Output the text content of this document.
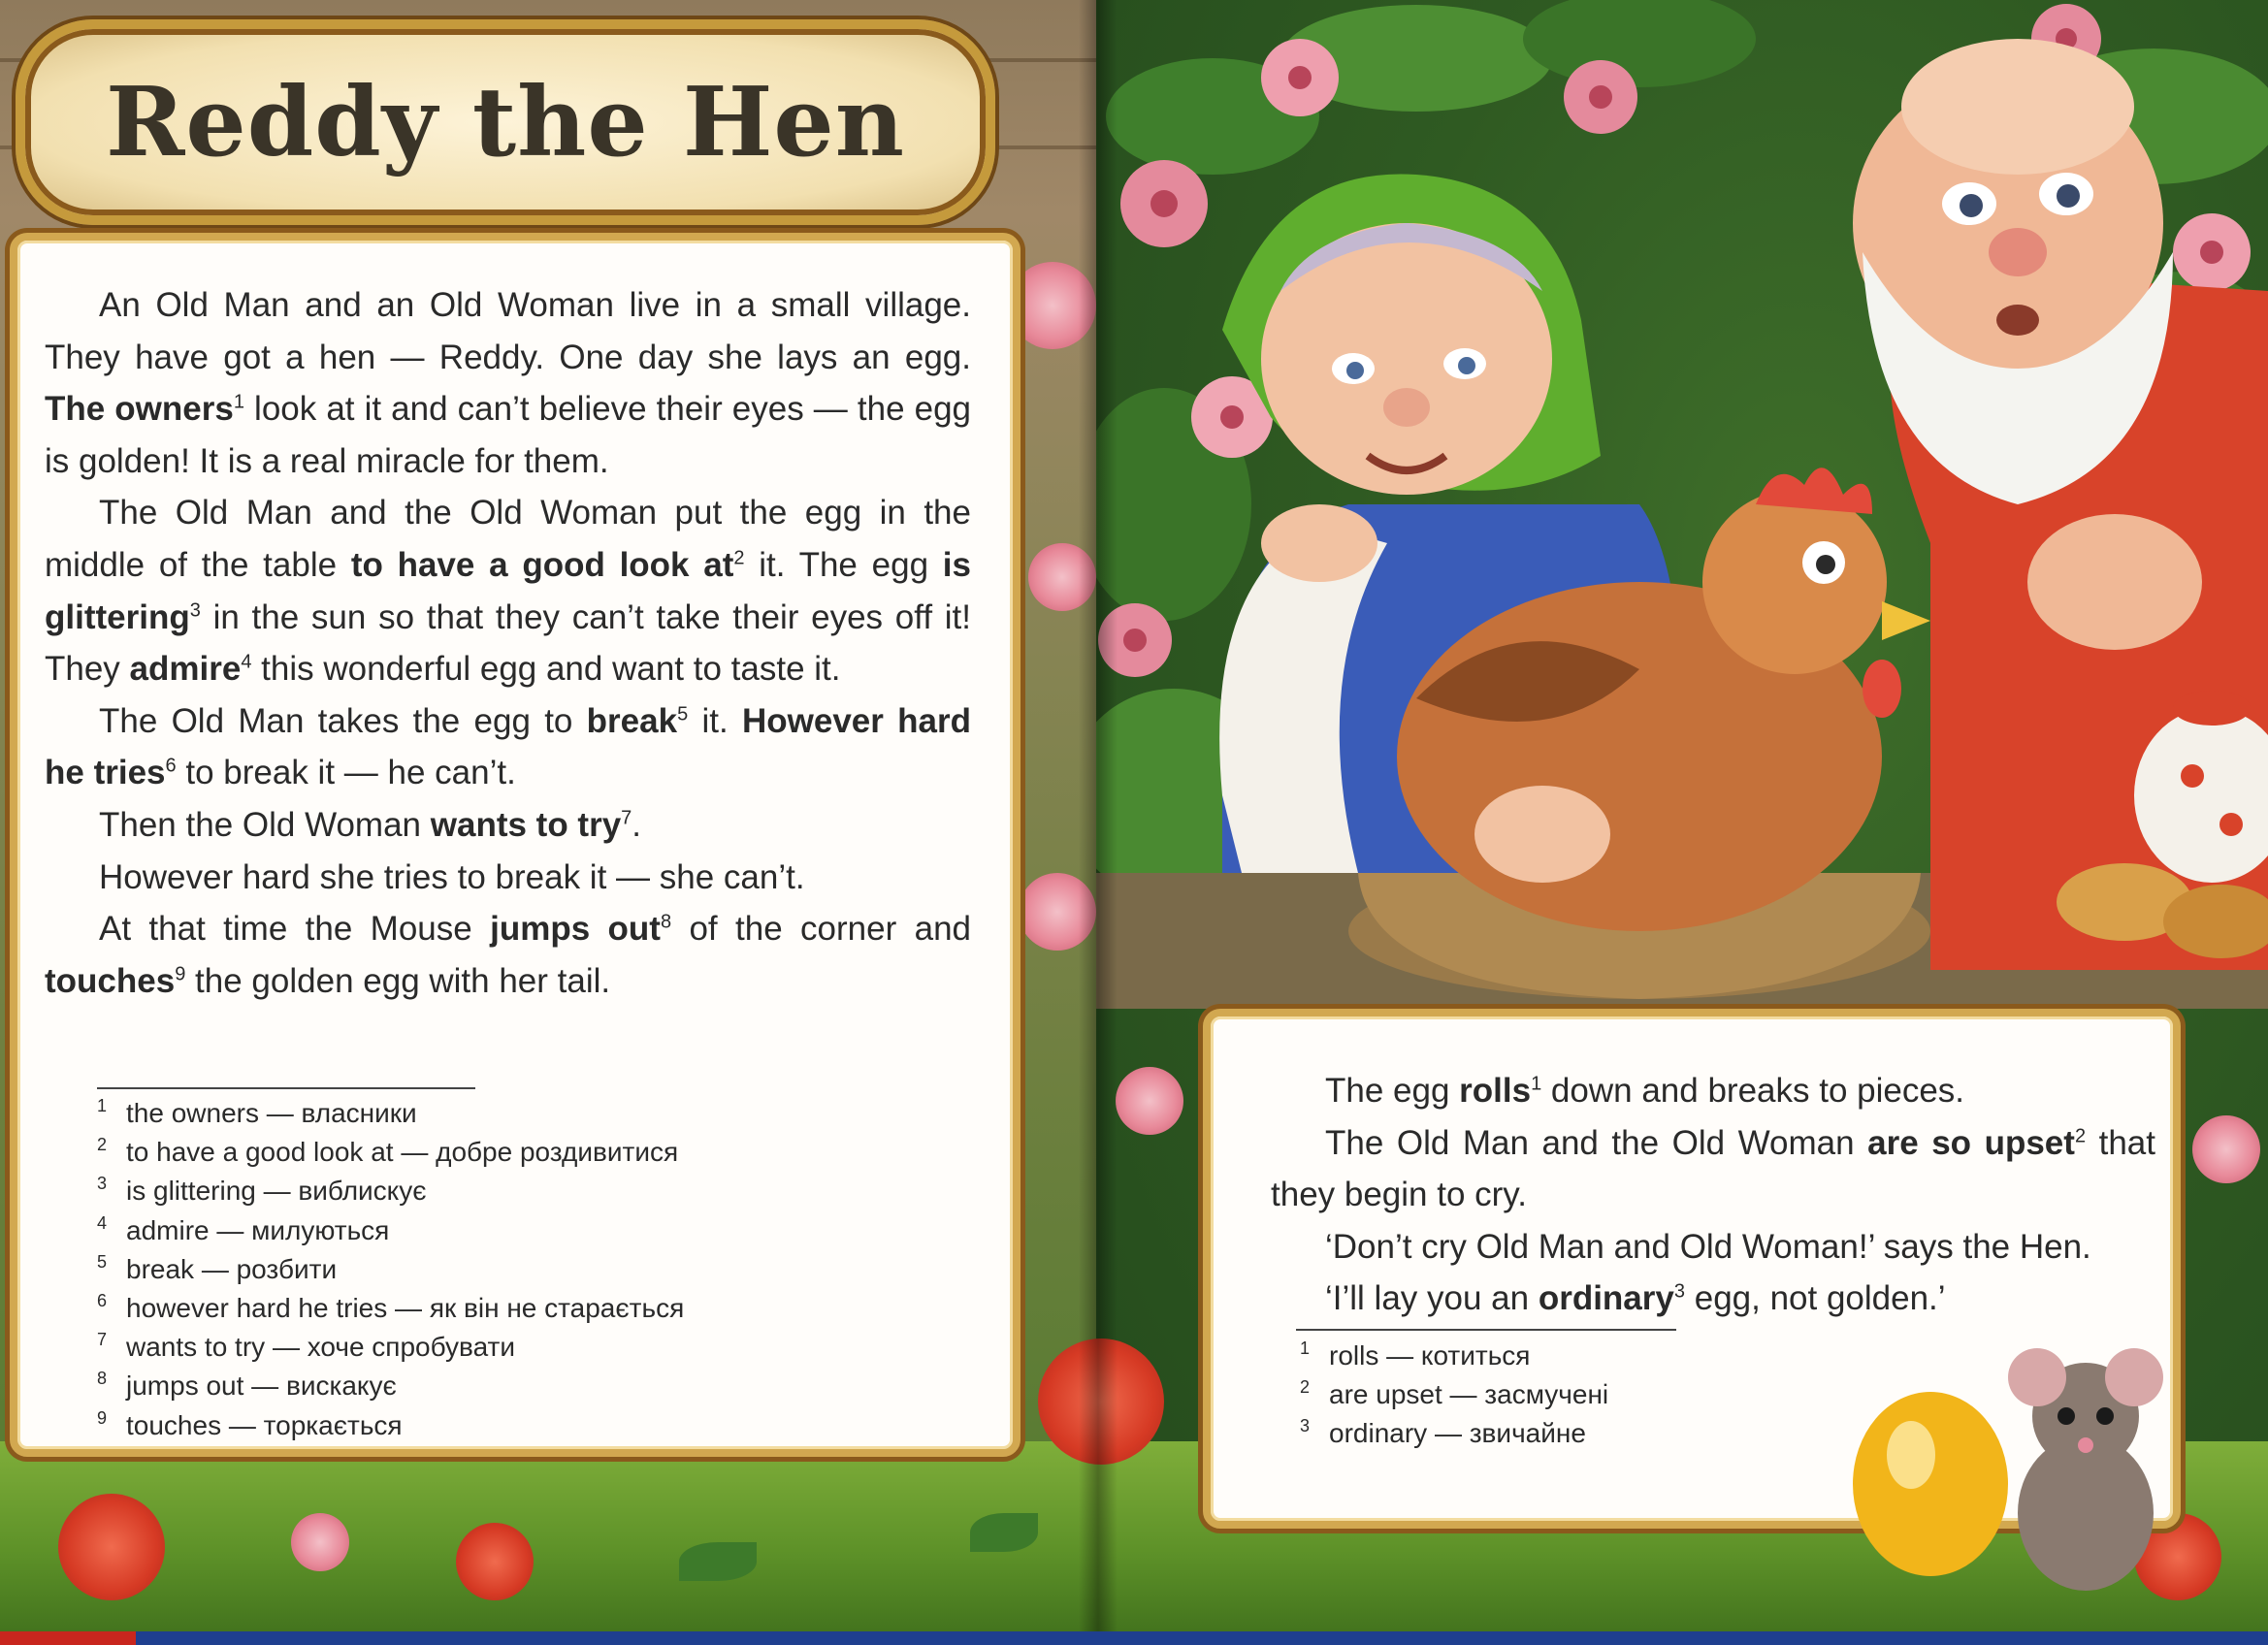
Reddy the Hen

An Old Man and an Old Woman live in a small village. They have got a hen — Reddy. One day she lays an egg. The owners$^1$ look at it and can’t believe their eyes — the egg is golden! It is a real miracle for them.

The Old Man and the Old Woman put the egg in the middle of the table to have a good look $at^2$ it. The egg is glittering$^3$ in the sun so that they can’t take their eyes off it! They admire$^4$ this wonderful egg and want to taste it.

The Old Man takes the egg to break$^5$ it. However hard he tries$^6$ to break it — he can’t.

Then the Old Woman wants to try$^7$.

However hard she tries to break it — she can’t.

At that time the Mouse jumps out$^8$ of the corner and touches$^9$ the golden egg with her tail.

1 the owners — власники
2 to have a good look at — добре роздивитися
3 is glittering — виблискує
4 admire — милуються
5 break — розбити
6 however hard he tries — як він не старається
7 wants to try — хоче спробувати
8 jumps out — вискакує
9 touches — торкається

The egg rolls$^1$ down and breaks to pieces.

The Old Man and the Old Woman are so upset$^2$ that they begin to cry.

‘Don’t cry Old Man and Old Woman!’ says the Hen.

‘I’ll lay you an ordinary$^3$ egg, not golden.’

1 rolls — котиться
2 are upset — засмучені
3 ordinary — звичайне
